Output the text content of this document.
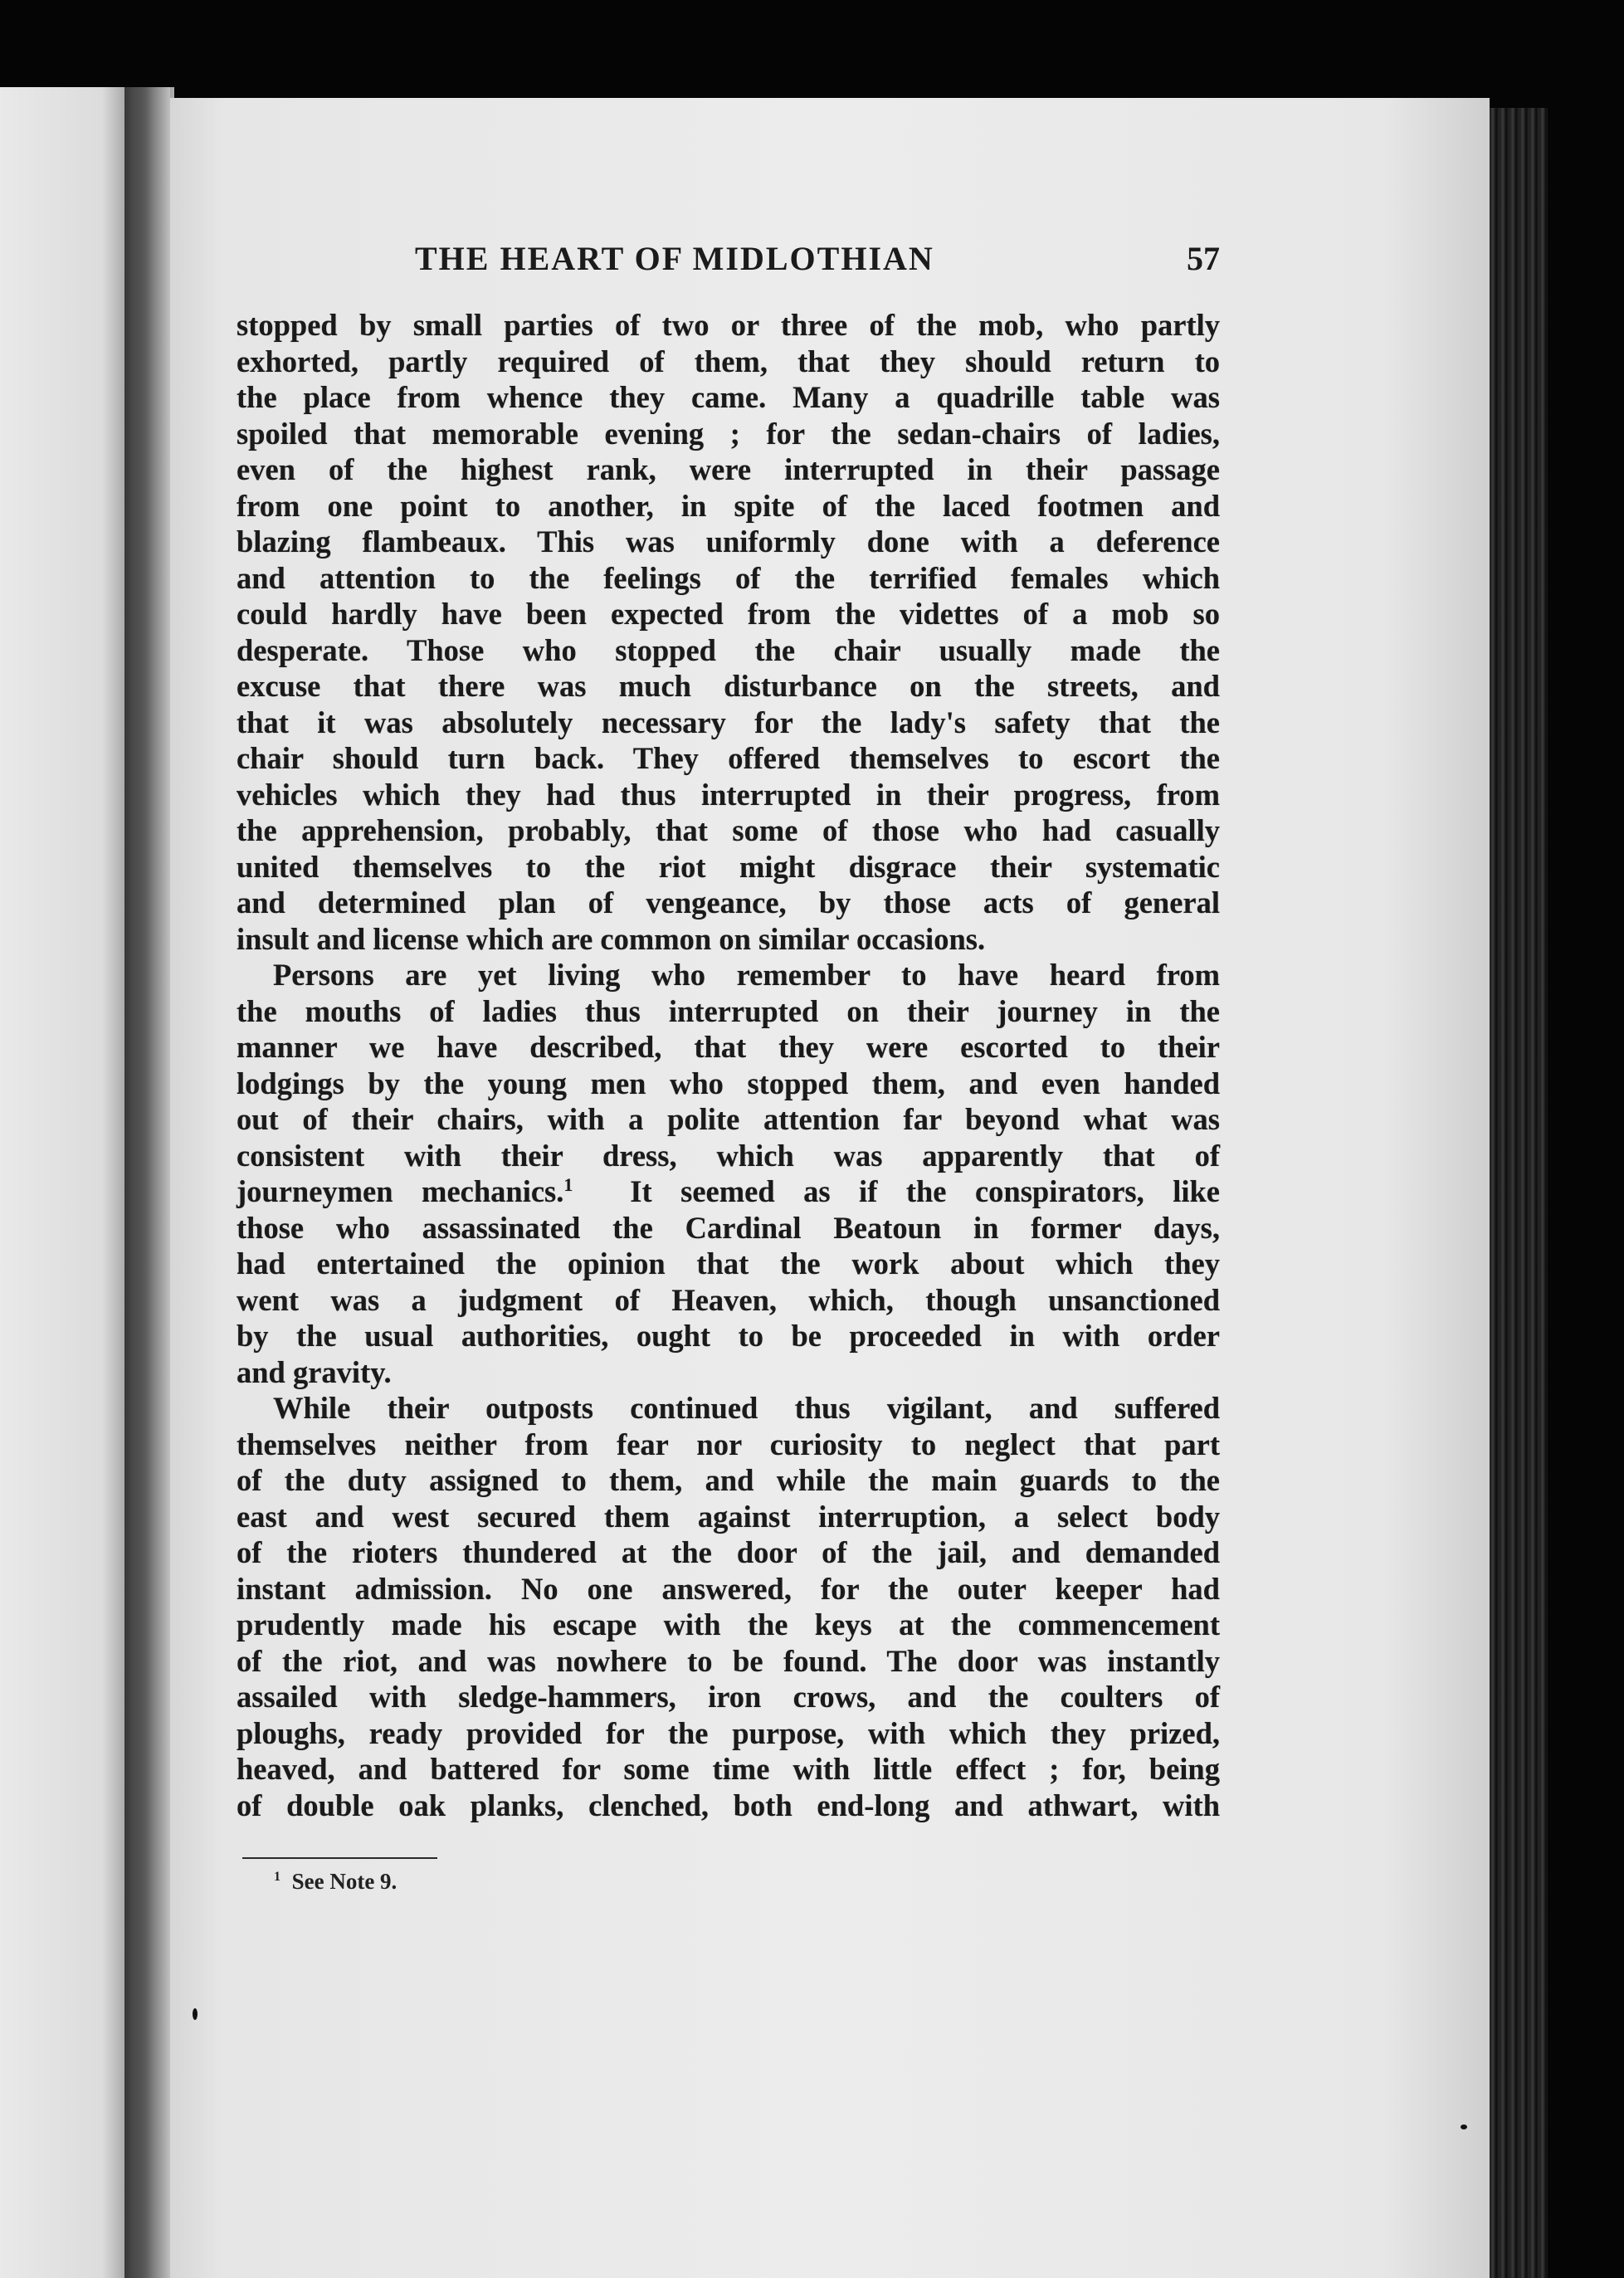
THE HEART OF MIDLOTHIAN	57
stopped by small parties of two or three of the mob, who partly
exhorted, partly required of them, that they should return to
the place from whence they came. Many a quadrille table was
spoiled that memorable evening ; for the sedan-chairs of ladies,
even of the highest rank, were interrupted in their passage
from one point to another, in spite of the laced footmen and
blazing flambeaux. This was uniformly done with a deference
and attention to the feelings of the terrified females which
could hardly have been expected from the videttes of a mob so
desperate. Those who stopped the chair usually made the
excuse that there was much disturbance on the streets, and
that it was absolutely necessary for the lady's safety that the
chair should turn back. They offered themselves to escort the
vehicles which they had thus interrupted in their progress, from
the apprehension, probably, that some of those who had casually
united themselves to the riot might disgrace their systematic
and determined plan of vengeance, by those acts of general
insult and license which are common on similar occasions.
Persons are yet living who remember to have heard from
the mouths of ladies thus interrupted on their journey in the
manner we have described, that they were escorted to their
lodgings by the young men who stopped them, and even handed
out of their chairs, with a polite attention far beyond what was
consistent with their dress, which was apparently that of
journeymen mechanics.$^1$ It seemed as if the conspirators, like
those who assassinated the Cardinal Beatoun in former days,
had entertained the opinion that the work about which they
went was a judgment of Heaven, which, though unsanctioned
by the usual authorities, ought to be proceeded in with order
and gravity.
While their outposts continued thus vigilant, and suffered
themselves neither from fear nor curiosity to neglect that part
of the duty assigned to them, and while the main guards to the
east and west secured them against interruption, a select body
of the rioters thundered at the door of the jail, and demanded
instant admission. No one answered, for the outer keeper had
prudently made his escape with the keys at the commencement
of the riot, and was nowhere to be found. The door was instantly
assailed with sledge-hammers, iron crows, and the coulters of
ploughs, ready provided for the purpose, with which they prized,
heaved, and battered for some time with little effect ; for, being
of double oak planks, clenched, both end-long and athwart, with
$^1$ See Note 9.
